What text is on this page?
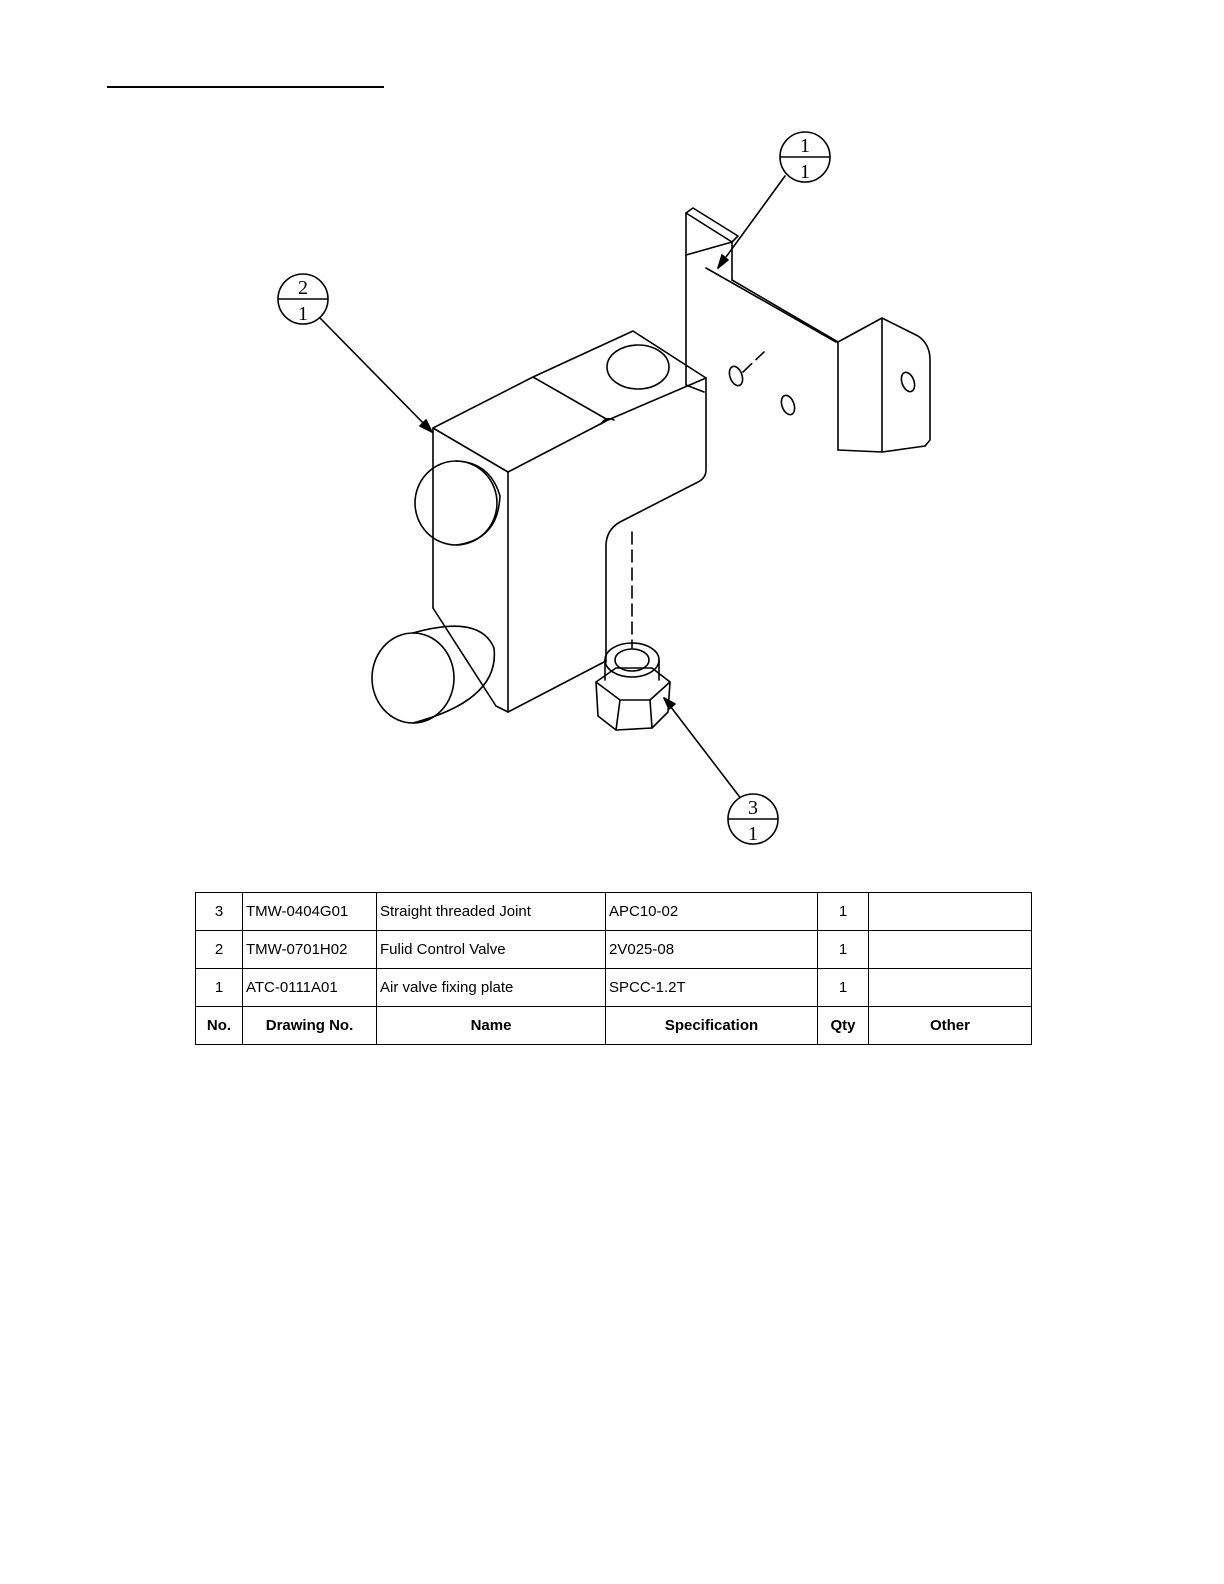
1
1
2
1
3
1
3	TMW-0404G01	Straight threaded Joint	APC10-02	1	
2	TMW-0701H02	Fulid Control Valve	2V025-08	1	
1	ATC-0111A01	Air valve fixing plate	SPCC-1.2T	1	
No.	Drawing No.	Name	Specification	Qty	Other
